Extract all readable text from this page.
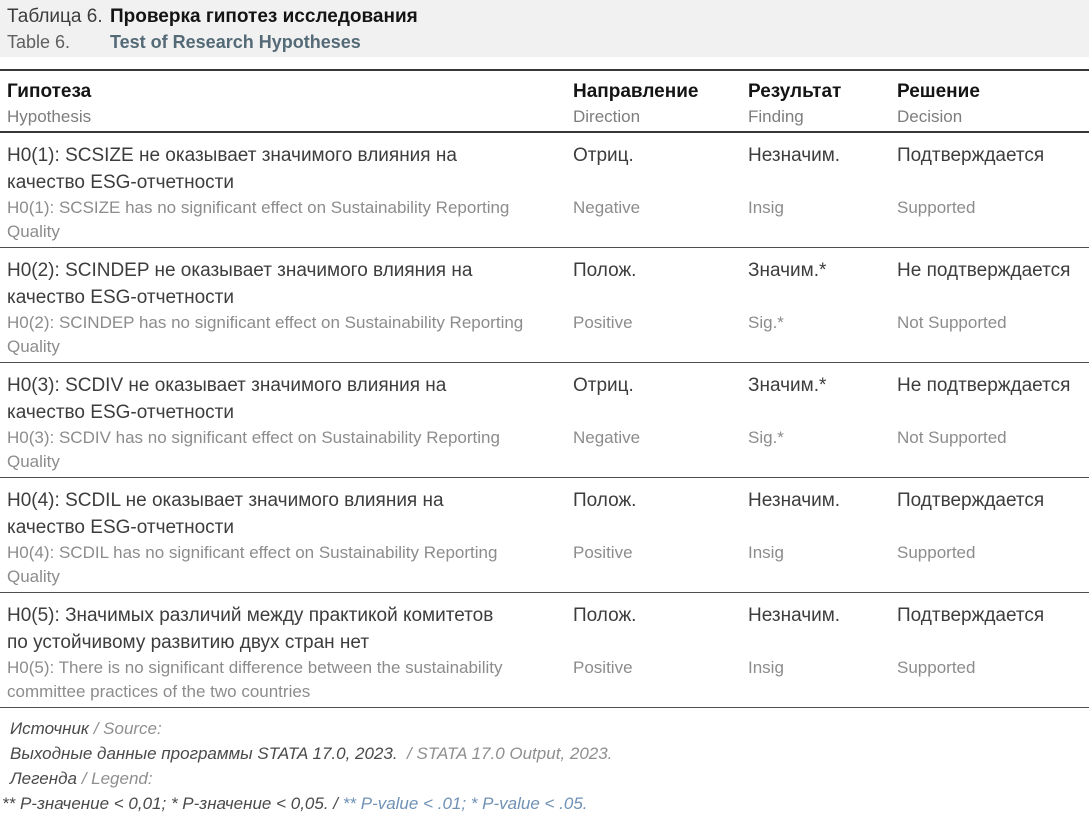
Таблица 6. Проверка гипотез исследования
Table 6. Test of Research Hypotheses
Гипотеза
Hypothesis
Направление
Direction
Результат
Finding
Решение
Decision
H0(1): SCSIZE не оказывает значимого влияния на качество ESG-отчетности
H0(1): SCSIZE has no significant effect on Sustainability Reporting Quality
Отриц.
Negative
Незначим.
Insig
Подтверждается
Supported
H0(2): SCINDEP не оказывает значимого влияния на качество ESG-отчетности
H0(2): SCINDEP has no significant effect on Sustainability Reporting Quality
Полож.
Positive
Значим.*
Sig.*
Не подтверждается
Not Supported
H0(3): SCDIV не оказывает значимого влияния на качество ESG-отчетности
H0(3): SCDIV has no significant effect on Sustainability Reporting Quality
Отриц.
Negative
Значим.*
Sig.*
Не подтверждается
Not Supported
H0(4): SCDIL не оказывает значимого влияния на качество ESG-отчетности
H0(4): SCDIL has no significant effect on Sustainability Reporting Quality
Полож.
Positive
Незначим.
Insig
Подтверждается
Supported
H0(5): Значимых различий между практикой комитетов по устойчивому развитию двух стран нет
H0(5): There is no significant difference between the sustainability committee practices of the two countries
Полож.
Positive
Незначим.
Insig
Подтверждается
Supported
Источник / Source:
Выходные данные программы STATA 17.0, 2023. / STATA 17.0 Output, 2023.
Легенда / Legend:
** P-значение < 0,01; * P-значение < 0,05. / ** P-value < .01; * P-value < .05.
